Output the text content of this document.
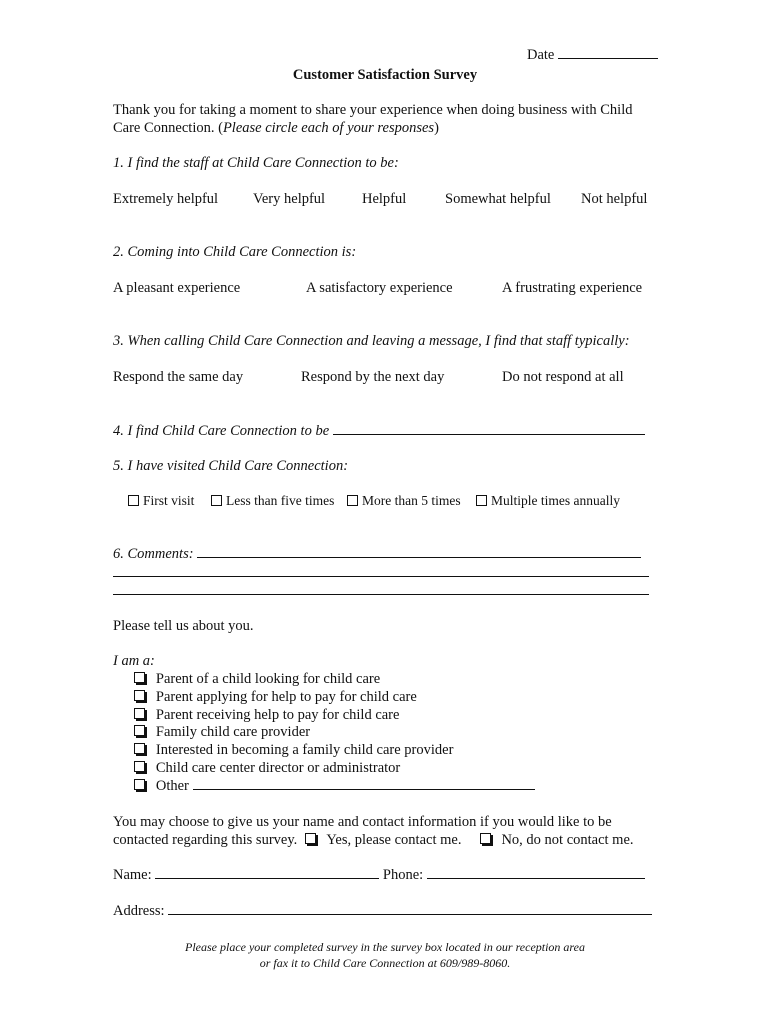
Date
Customer Satisfaction Survey
Thank you for taking a moment to share your experience when doing business with Child
Care Connection. (Please circle each of your responses)
1. I find the staff at Child Care Connection to be:
Extremely helpful Very helpful	Helpful	Somewhat helpful Not helpful
2. Coming into Child Care Connection is:
A pleasant experience	A satisfactory experience	A frustrating experience
3. When calling Child Care Connection and leaving a message, I find that staff typically:
Respond the same day	Respond by the next day	Do not respond at all
4. I find Child Care Connection to be
5. I have visited Child Care Connection:
First visit	Less than five times	More than 5 times	Multiple times annually
6. Comments:
Please tell us about you.
I am a:
Parent of a child looking for child care
Parent applying for help to pay for child care
Parent receiving help to pay for child care
Family child care provider
Interested in becoming a family child care provider
Child care center director or administrator
Other
You may choose to give us your name and contact information if you would like to be
contacted regarding this survey. Yes, please contact me.	No, do not contact me.
Name:	Phone:
Address:
Please place your completed survey in the survey box located in our reception area
or fax it to Child Care Connection at 609/989-8060.
